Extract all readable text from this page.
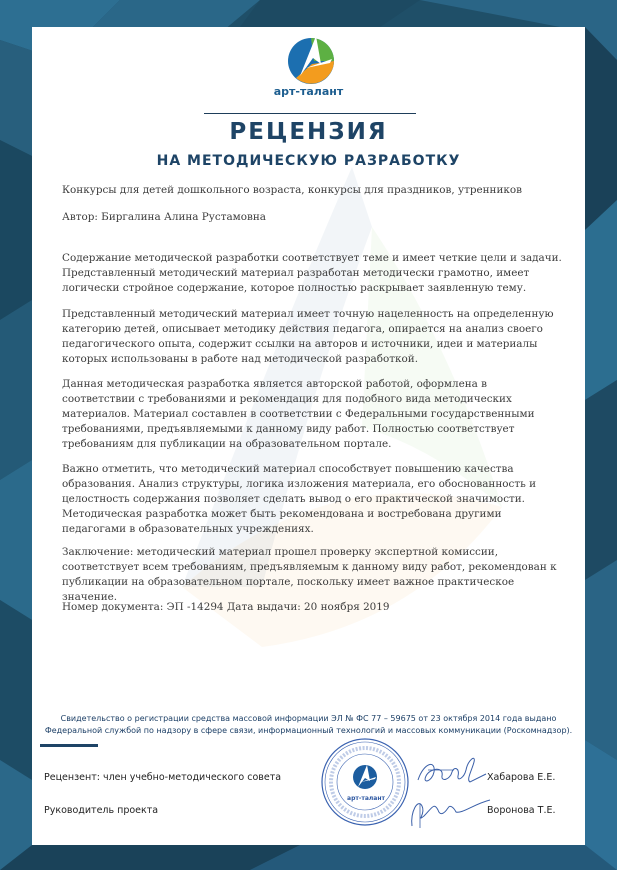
арт-талант
РЕЦЕНЗИЯ
НА МЕТОДИЧЕСКУЮ РАЗРАБОТКУ
Конкурсы для детей дошкольного возраста, конкурсы для праздников, утренников
Автор: Биргалина Алина Рустамовна
Содержание методической разработки соответствует теме и имеет четкие цели и задачи. Представленный методический материал разработан методически грамотно, имеет логически стройное содержание, которое полностью раскрывает заявленную тему.
Представленный методический материал имеет точную нацеленность на определенную категорию детей, описывает методику действия педагога, опирается на анализ своего педагогического опыта, содержит ссылки на авторов и источники, идеи и материалы которых использованы в работе над методической разработкой.
Данная методическая разработка является авторской работой, оформлена в соответствии с требованиями и рекомендация для подобного вида методических материалов. Материал составлен в соответствии с Федеральными государственными требованиями, предъявляемыми к данному виду работ. Полностью соответствует требованиям для публикации на образовательном портале.
Важно отметить, что методический материал способствует повышению качества образования. Анализ структуры, логика изложения материала, его обоснованность и целостность содержания позволяет сделать вывод о его практической значимости. Методическая разработка может быть рекомендована и востребована другими педагогами в образовательных учреждениях.
Заключение: методический материал прошел проверку экспертной комиссии, соответствует всем требованиям, предъявляемым к данному виду работ, рекомендован к публикации на образовательном портале, поскольку имеет важное практическое значение.
Номер документа: ЭП -14294 Дата выдачи: 20 ноября 2019
Свидетельство о регистрации средства массовой информации ЭЛ № ФС 77 – 59675 от 23 октября 2014 года выдано
Федеральной службой по надзору в сфере связи, информационный технологий и массовых коммуникации (Роскомнадзор).
Рецензент: член учебно-методического совета
Руководитель проекта
арт-талант
Хабарова Е.Е.
Воронова Т.Е.
